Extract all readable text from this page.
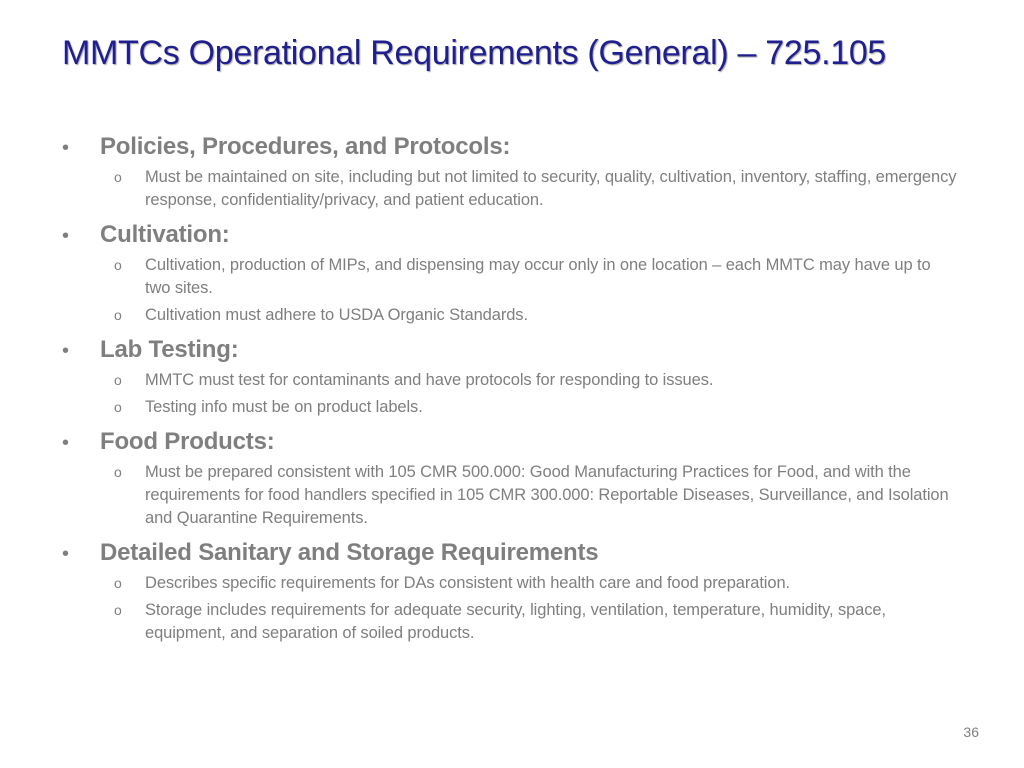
MMTCs Operational Requirements (General) – 725.105
•	Policies, Procedures, and Protocols:
o	Must be maintained on site, including but not limited to security, quality, cultivation, inventory, staffing, emergency response, confidentiality/privacy, and patient education.
•	Cultivation:
o	Cultivation, production of MIPs, and dispensing may occur only in one location – each MMTC may have up to two sites.
o	Cultivation must adhere to USDA Organic Standards.
•	Lab Testing:
o	MMTC must test for contaminants and have protocols for responding to issues.
o	Testing info must be on product labels.
•	Food Products:
o	Must be prepared consistent with 105 CMR 500.000: Good Manufacturing Practices for Food, and with the requirements for food handlers specified in 105 CMR 300.000: Reportable Diseases, Surveillance, and Isolation and Quarantine Requirements.
•	Detailed Sanitary and Storage Requirements
o	Describes specific requirements for DAs consistent with health care and food preparation.
o	Storage includes requirements for adequate security, lighting, ventilation, temperature, humidity, space, equipment, and separation of soiled products.
36
